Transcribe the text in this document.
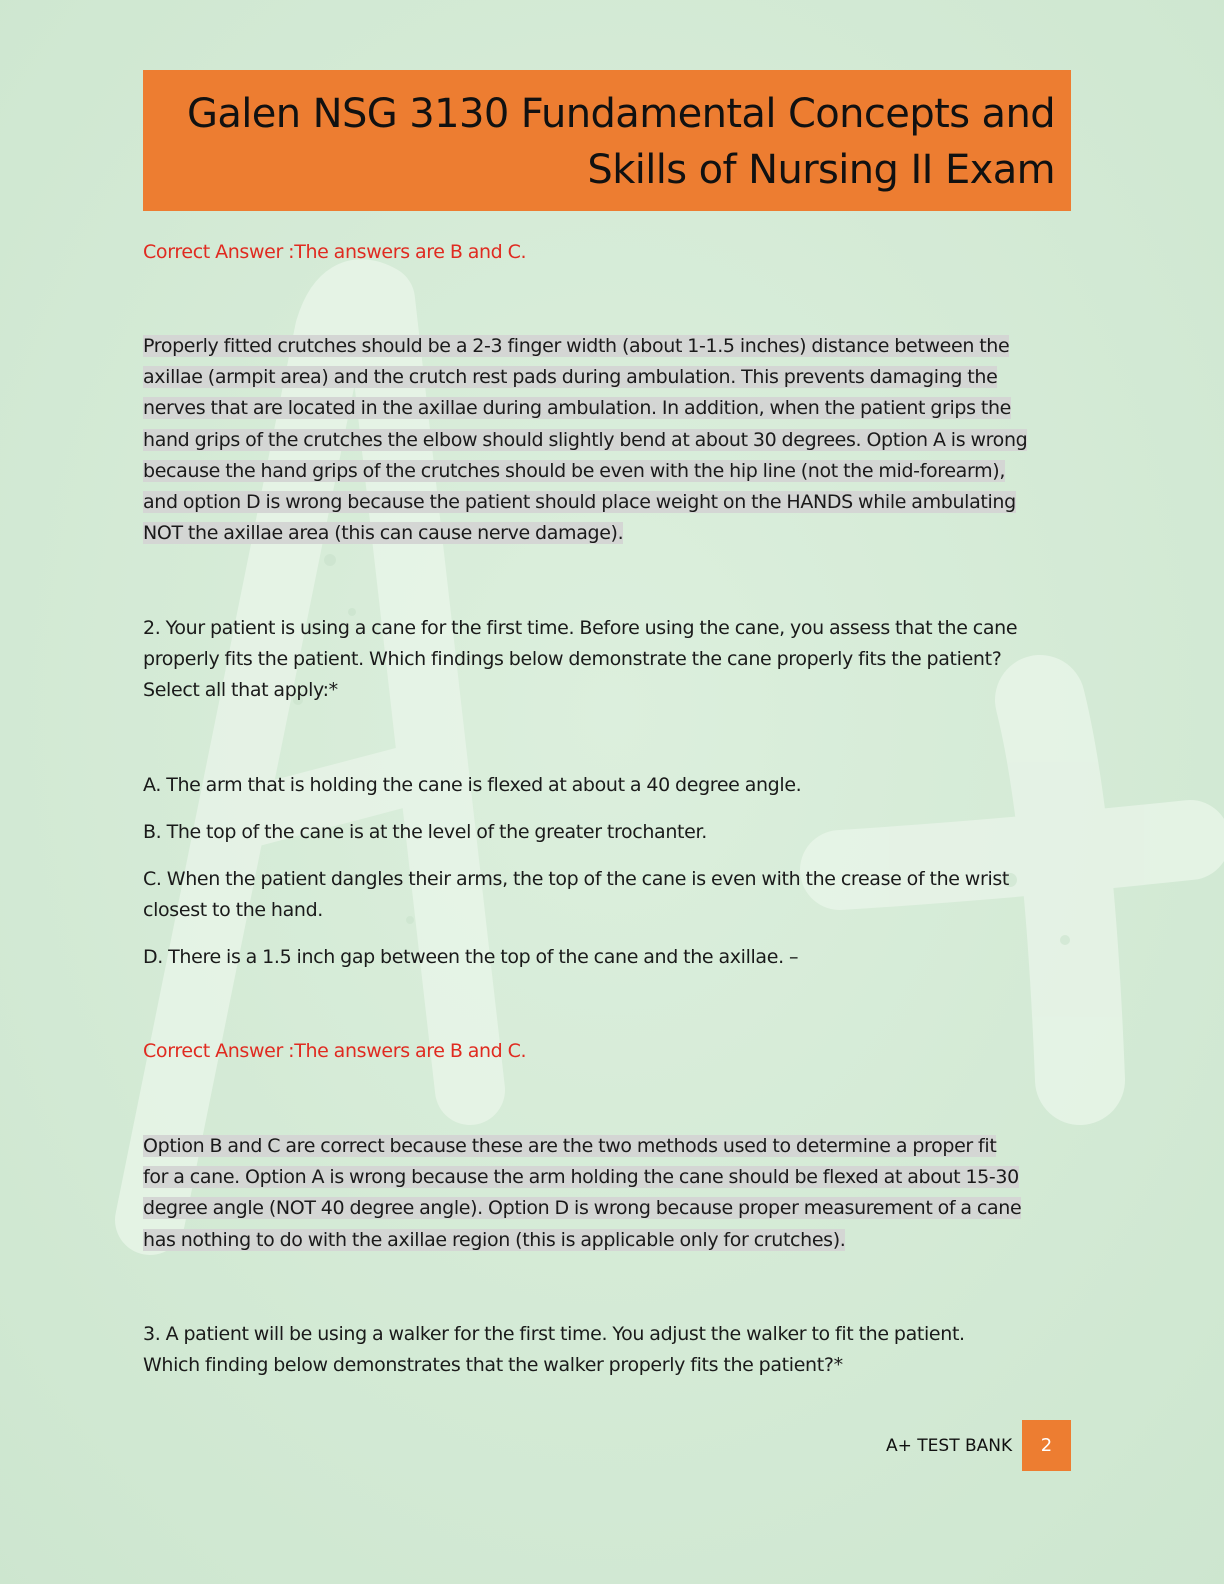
Galen NSG 3130 Fundamental Concepts and
Skills of Nursing II Exam
Correct Answer :The answers are B and C.
Properly fitted crutches should be a 2-3 finger width (about 1-1.5 inches) distance between the
axillae (armpit area) and the crutch rest pads during ambulation. This prevents damaging the
nerves that are located in the axillae during ambulation. In addition, when the patient grips the
hand grips of the crutches the elbow should slightly bend at about 30 degrees. Option A is wrong
because the hand grips of the crutches should be even with the hip line (not the mid-forearm),
and option D is wrong because the patient should place weight on the HANDS while ambulating
NOT the axillae area (this can cause nerve damage).
2. Your patient is using a cane for the first time. Before using the cane, you assess that the cane
properly fits the patient. Which findings below demonstrate the cane properly fits the patient?
Select all that apply:*
A. The arm that is holding the cane is flexed at about a 40 degree angle.
B. The top of the cane is at the level of the greater trochanter.
C. When the patient dangles their arms, the top of the cane is even with the crease of the wrist
closest to the hand.
D. There is a 1.5 inch gap between the top of the cane and the axillae. –
Correct Answer :The answers are B and C.
Option B and C are correct because these are the two methods used to determine a proper fit
for a cane. Option A is wrong because the arm holding the cane should be flexed at about 15-30
degree angle (NOT 40 degree angle). Option D is wrong because proper measurement of a cane
has nothing to do with the axillae region (this is applicable only for crutches).
3. A patient will be using a walker for the first time. You adjust the walker to fit the patient.
Which finding below demonstrates that the walker properly fits the patient?*
A+ TEST BANK	2
